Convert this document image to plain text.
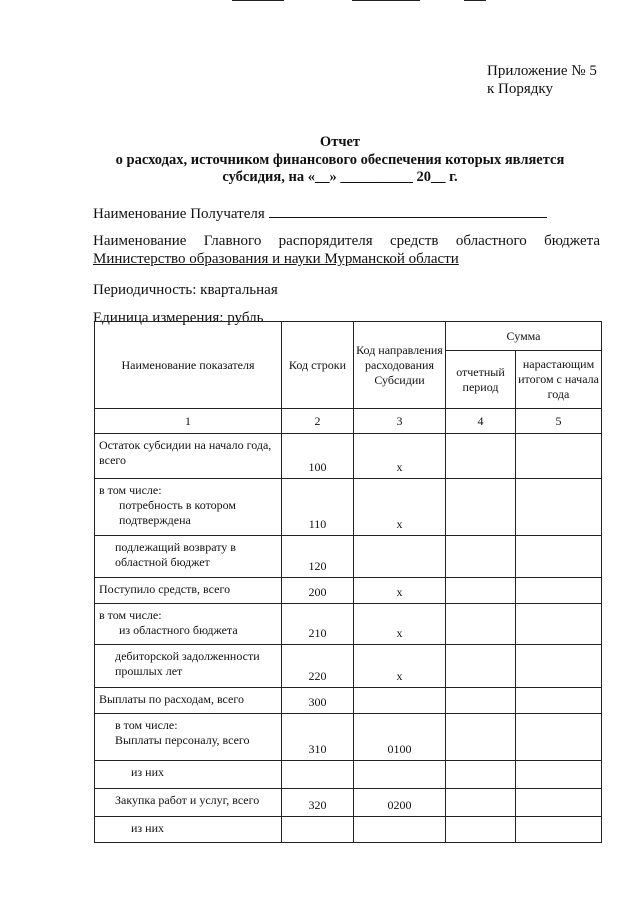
Приложение № 5
к Порядку
Отчет
о расходах, источником финансового обеспечения которых является
субсидия, на «__» __________ 20__ г.
Наименование Получателя
Наименование Главного распорядителя средств областного бюджета
Министерство образования и науки Мурманской области
Периодичность: квартальная
Единица измерения: рубль
Наименование показателя	Код строки	Код направления расходования Субсидии	Сумма	
			отчетный период	нарастающим итогом с начала года
1	2	3	4	5
Остаток субсидии на начало года, всего	100	х		

в том числе:
потребность в котором подтверждена	110	х		
подлежащий возврату в областной бюджет	120			
Поступило средств, всего	200	х		

в том числе:
из областного бюджета	210	х		
дебиторской задолженности прошлых лет	220	х		
Выплаты по расходам, всего	300			

в том числе:
Выплаты персоналу, всего	310	0100		
из них				
Закупка работ и услуг, всего	320	0200		
из них				
